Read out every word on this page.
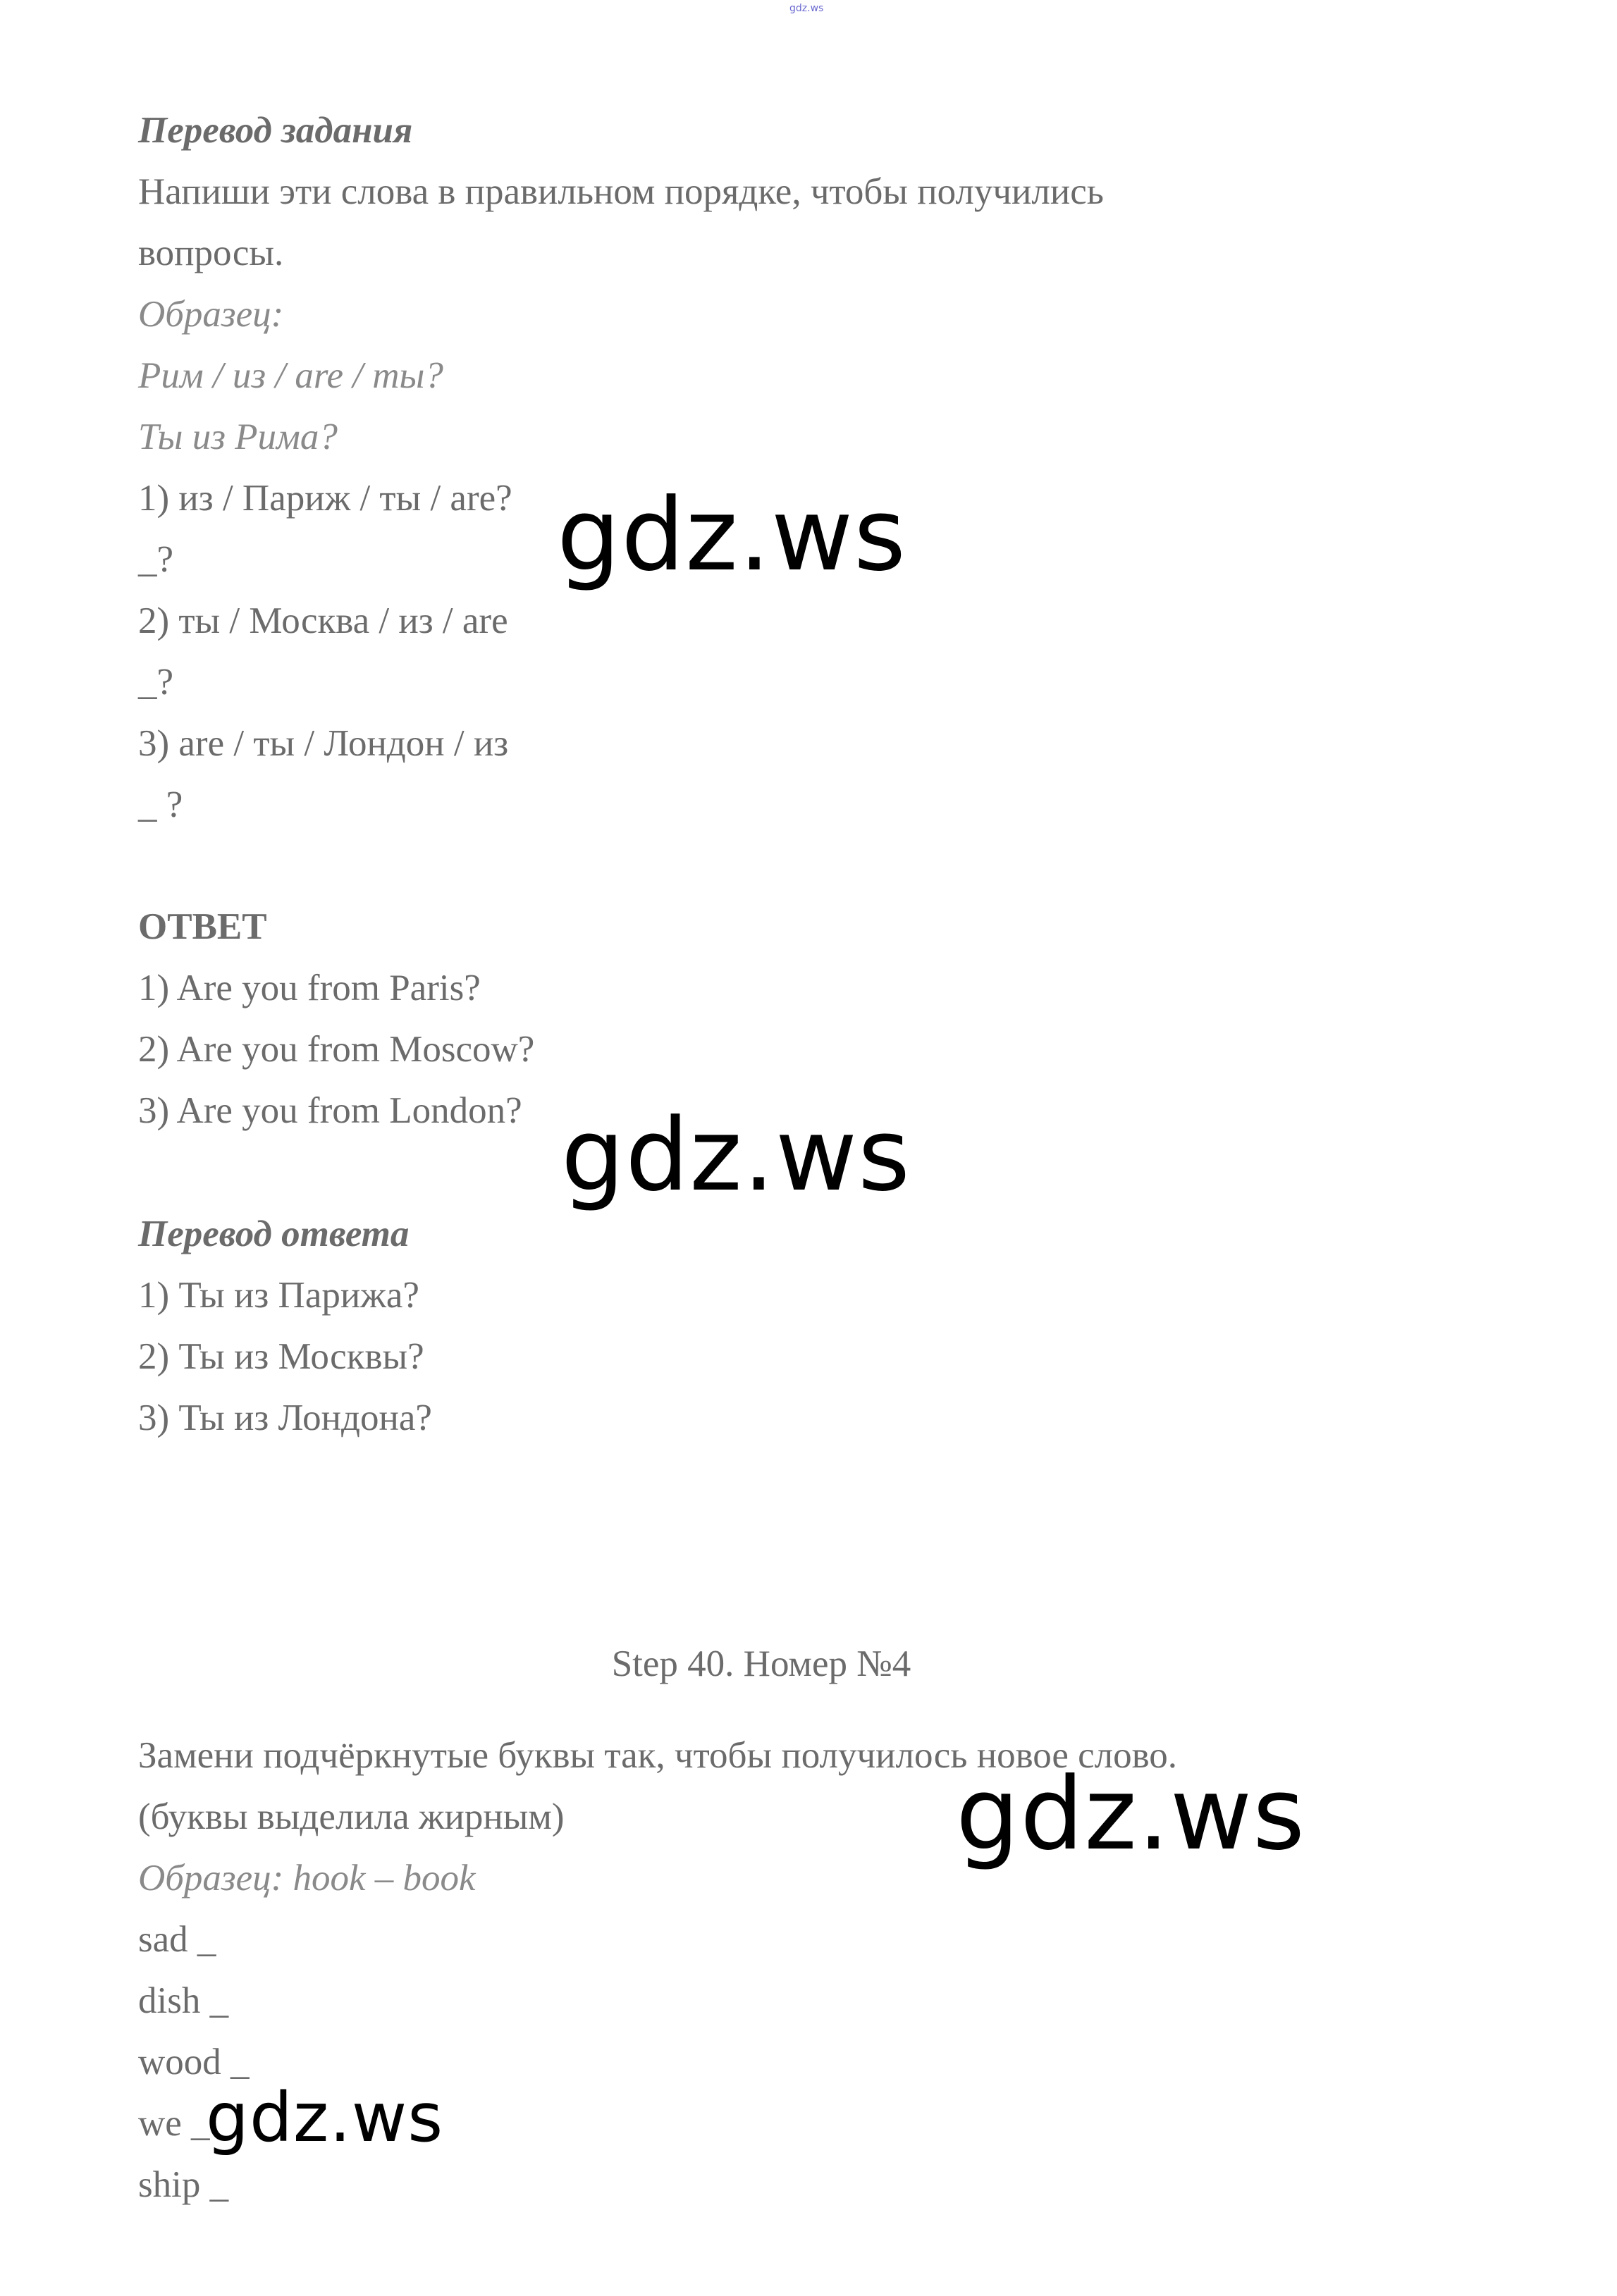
gdz.ws
Перевод задания
Напиши эти слова в правильном порядке, чтобы получились
вопросы.
Образец:
Рим / из / are / ты?
Ты из Рима?
1) из / Париж / ты / are?
_?
2) ты / Москва / из / are
_?
3) are / ты / Лондон / из
_ ?
ОТВЕТ
1) Are you from Paris?
2) Are you from Moscow?
3) Are you from London?
Перевод ответа
1) Ты из Парижа?
2) Ты из Москвы?
3) Ты из Лондона?
Step 40. Номер №4
Замени подчёркнутые буквы так, чтобы получилось новое слово.
(буквы выделила жирным)
Образец: hook – book
sad _
dish _
wood _
we _
ship _
gdz.ws
gdz.ws
gdz.ws
gdz.ws
